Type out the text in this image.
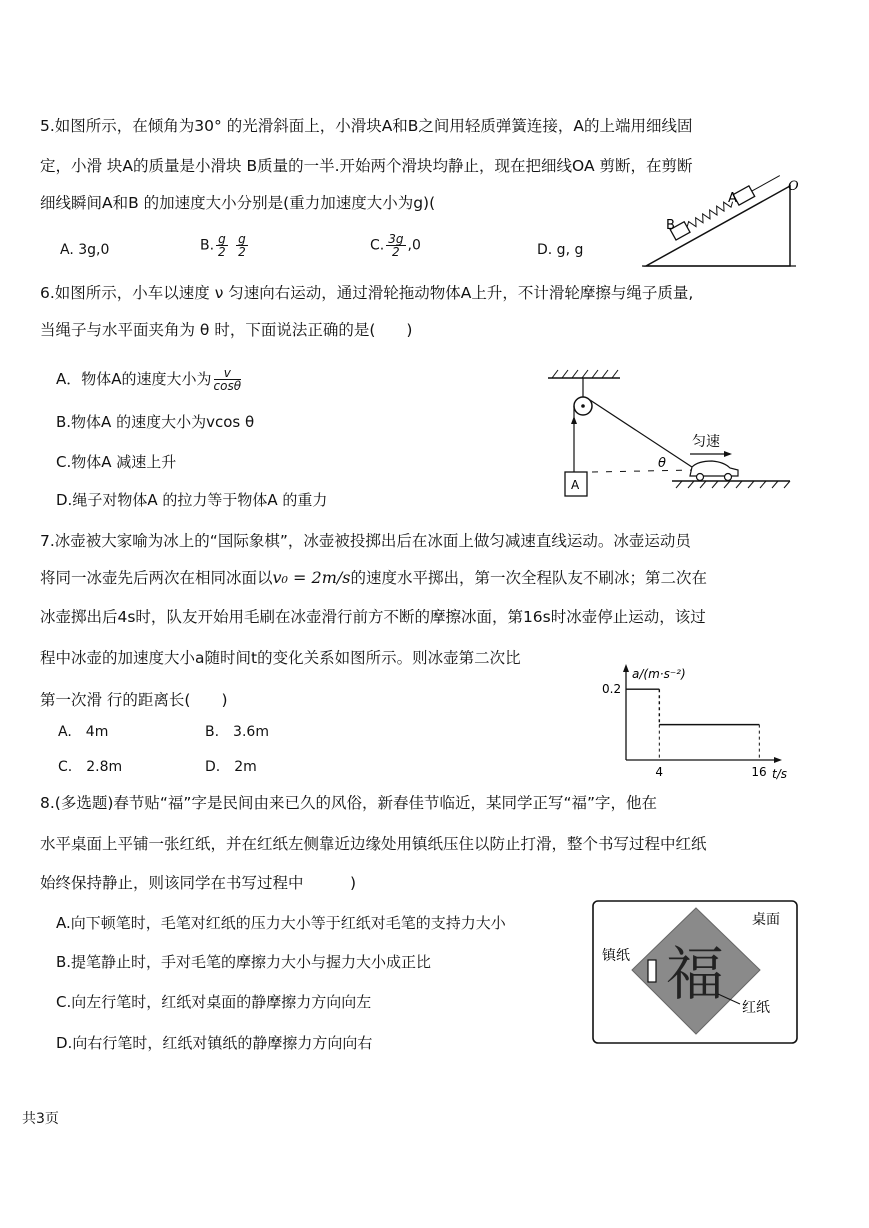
5.如图所示，在倾角为30° 的光滑斜面上，小滑块A和B之间用轻质弹簧连接，A的上端用细线固
定，小滑 块A的质量是小滑块 B质量的一半.开始两个滑块均静止，现在把细线OA 剪断，在剪断
细线瞬间A和B 的加速度大小分别是(重力加速度大小为g)(
A. 3g,0	B. $\frac{g}{2}$
$\frac{g}{2}$	C. $\frac{3g}{2} ,0$	D. g, g
B
A
O
6.如图所示，小车以速度 ν 匀速向右运动，通过滑轮拖动物体A上升，不计滑轮摩擦与绳子质量,
当绳子与水平面夹角为 θ 时，下面说法正确的是(　　)
A．物体A的速度大小为 $\frac{v}{\cos\theta}$
B.物体A 的速度大小为vcos θ
C.物体A 减速上升
D.绳子对物体A 的拉力等于物体A 的重力
A
θ
匀速
7.冰壶被大家喻为冰上的“国际象棋”，冰壶被投掷出后在冰面上做匀减速直线运动。冰壶运动员
将同一冰壶先后两次在相同冰面以v₀ = 2m/s的速度水平掷出，第一次全程队友不刷冰；第二次在
冰壶掷出后4s时，队友开始用毛刷在冰壶滑行前方不断的摩擦冰面，第16s时冰壶停止运动，该过
程中冰壶的加速度大小a随时间t的变化关系如图所示。则冰壶第二次比
第一次滑 行的距离长(　　)
A.　4m	B.　3.6m
C.　2.8m	D.　2m
a/(m·s⁻²)
t/s
0.2
4	16
8.(多选题)春节贴“福”字是民间由来已久的风俗，新春佳节临近，某同学正写“福”字，他在
水平桌面上平铺一张红纸，并在红纸左侧靠近边缘处用镇纸压住以防止打滑，整个书写过程中红纸
始终保持静止，则该同学在书写过程中　　　)
A.向下顿笔时，毛笔对红纸的压力大小等于红纸对毛笔的支持力大小
B.提笔静止时，手对毛笔的摩擦力大小与握力大小成正比
C.向左行笔时，红纸对桌面的静摩擦力方向向左
D.向右行笔时，红纸对镇纸的静摩擦力方向向右
桌面
福
镇纸
红纸
共3页
